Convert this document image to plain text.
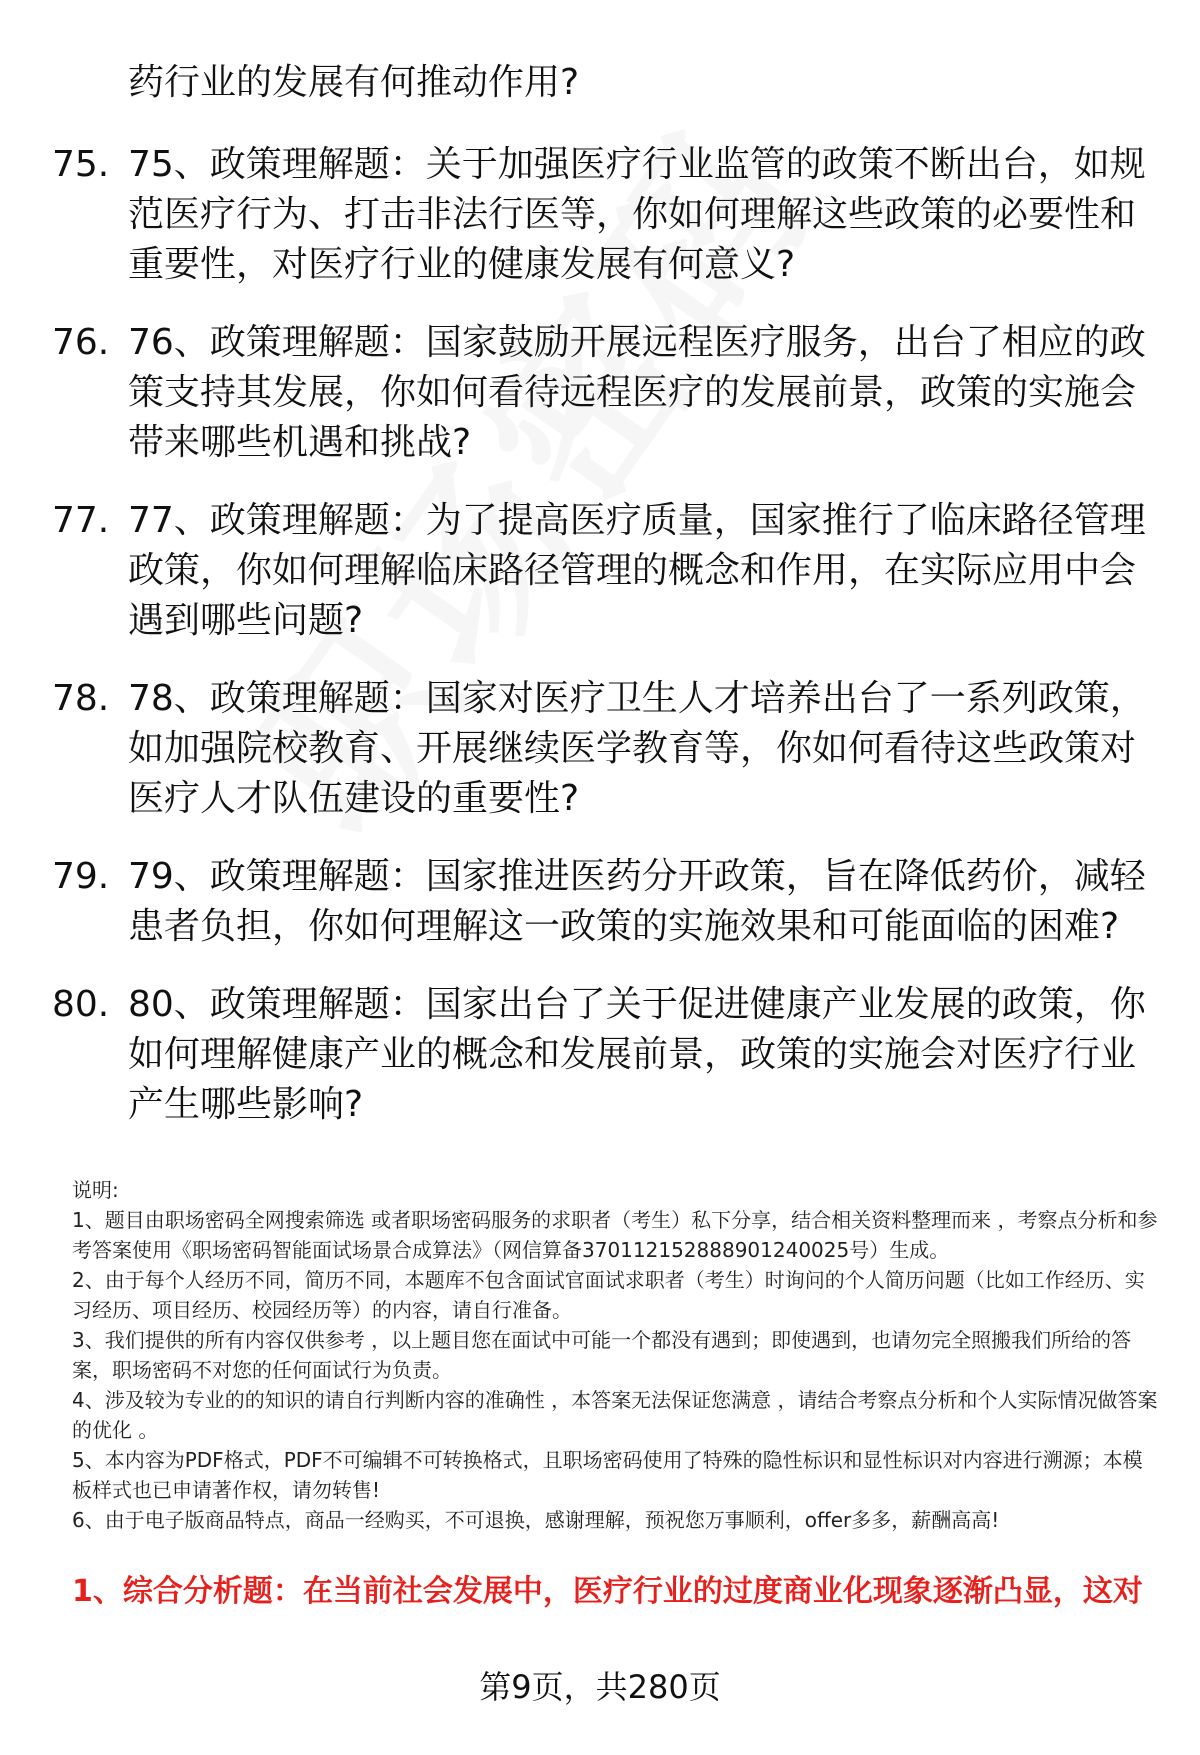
药行业的发展有何推动作用?
75. 75、政策理解题：关于加强医疗行业监管的政策不断出台，如规范医疗行为、打击非法行医等，你如何理解这些政策的必要性和重要性，对医疗行业的健康发展有何意义?
76. 76、政策理解题：国家鼓励开展远程医疗服务，出台了相应的政策支持其发展，你如何看待远程医疗的发展前景，政策的实施会带来哪些机遇和挑战?
77. 77、政策理解题：为了提高医疗质量，国家推行了临床路径管理政策，你如何理解临床路径管理的概念和作用，在实际应用中会遇到哪些问题?
78. 78、政策理解题：国家对医疗卫生人才培养出台了一系列政策，如加强院校教育、开展继续医学教育等，你如何看待这些政策对医疗人才队伍建设的重要性?
79. 79、政策理解题：国家推进医药分开政策，旨在降低药价，减轻患者负担，你如何理解这一政策的实施效果和可能面临的困难?
80. 80、政策理解题：国家出台了关于促进健康产业发展的政策，你如何理解健康产业的概念和发展前景，政策的实施会对医疗行业产生哪些影响?

说明:

1、题目由职场密码全网搜索筛选 或者职场密码服务的求职者（考生）私下分享，结合相关资料整理而来 ，考察点分析和参考答案使用《职场密码智能面试场景合成算法》（网信算备370112152888901240025号）生成。

2、由于每个人经历不同，简历不同，本题库不包含面试官面试求职者（考生）时询问的个人简历问题（比如工作经历、实习经历、项目经历、校园经历等）的内容，请自行准备。

3、我们提供的所有内容仅供参考 ，以上题目您在面试中可能一个都没有遇到；即使遇到，也请勿完全照搬我们所给的答案，职场密码不对您的任何面试行为负责。

4、涉及较为专业的的知识的请自行判断内容的准确性 ，本答案无法保证您满意 ，请结合考察点分析和个人实际情况做答案的优化 。

5、本内容为PDF格式，PDF不可编辑不可转换格式，且职场密码使用了特殊的隐性标识和显性标识对内容进行溯源；本模板样式也已申请著作权，请勿转售!

6、由于电子版商品特点，商品一经购买，不可退换，感谢理解，预祝您万事顺利，offer多多，薪酬高高!

1、综合分析题：在当前社会发展中，医疗行业的过度商业化现象逐渐凸显，这对
第9页，共280页
